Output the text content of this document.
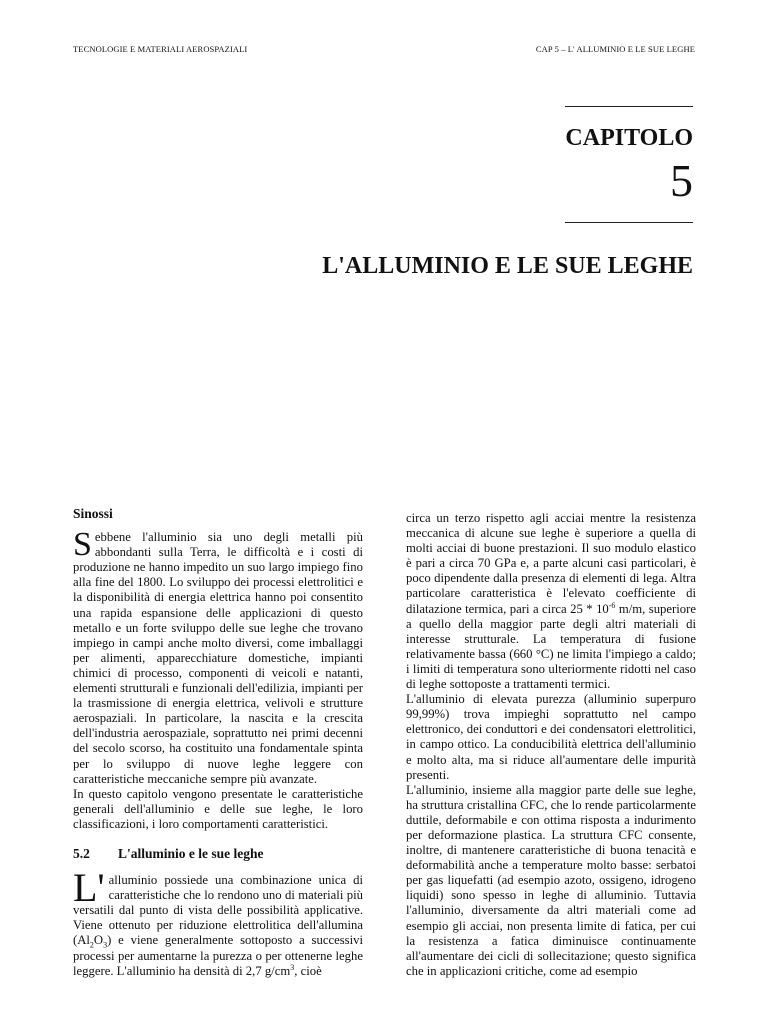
TECNOLOGIE E MATERIALI AEROSPAZIALI	CAP 5 – L' ALLUMINIO E LE SUE LEGHE
CAPITOLO
5
L'ALLUMINIO E LE SUE LEGHE
Sinossi

Sebbene l'alluminio sia uno degli metalli più abbondanti sulla Terra, le difficoltà e i costi di produzione ne hanno impedito un suo largo impiego fino alla fine del 1800. Lo sviluppo dei processi elettrolitici e la disponibilità di energia elettrica hanno poi consentito una rapida espansione delle applicazioni di questo metallo e un forte sviluppo delle sue leghe che trovano impiego in campi anche molto diversi, come imballaggi per alimenti, apparecchiature domestiche, impianti chimici di processo, componenti di veicoli e natanti, elementi strutturali e funzionali dell'edilizia, impianti per la trasmissione di energia elettrica, velivoli e strutture aerospaziali. In particolare, la nascita e la crescita dell'industria aerospaziale, soprattutto nei primi decenni del secolo scorso, ha costituito una fondamentale spinta per lo sviluppo di nuove leghe leggere con caratteristiche meccaniche sempre più avanzate.

In questo capitolo vengono presentate le caratteristiche generali dell'alluminio e delle sue leghe, le loro classificazioni, i loro comportamenti caratteristici.

5.2	L'alluminio e le sue leghe

L' alluminio possiede una combinazione unica di caratteristiche che lo rendono uno di materiali più versatili dal punto di vista delle possibilità applicative. Viene ottenuto per riduzione elettrolitica dell'allumina $(Al_2O_3)$ e viene generalmente sottoposto a successivi processi per aumentarne la purezza o per ottenerne leghe leggere. L'alluminio ha densità di 2,7 $g/cm^3$, cioè

circa un terzo rispetto agli acciai mentre la resistenza meccanica di alcune sue leghe è superiore a quella di molti acciai di buone prestazioni. Il suo modulo elastico è pari a circa 70 GPa e, a parte alcuni casi particolari, è poco dipendente dalla presenza di elementi di lega. Altra particolare caratteristica è l'elevato coefficiente di dilatazione termica, pari a circa $25 * 10^{-6}$ m/m, superiore a quello della maggior parte degli altri materiali di interesse strutturale. La temperatura di fusione relativamente bassa (660 °C) ne limita l'impiego a caldo; i limiti di temperatura sono ulteriormente ridotti nel caso di leghe sottoposte a trattamenti termici.

L'alluminio di elevata purezza (alluminio superpuro 99,99%) trova impieghi soprattutto nel campo elettronico, dei conduttori e dei condensatori elettrolitici, in campo ottico. La conducibilità elettrica dell'alluminio e molto alta, ma si riduce all'aumentare delle impurità presenti.

L'alluminio, insieme alla maggior parte delle sue leghe, ha struttura cristallina CFC, che lo rende particolarmente duttile, deformabile e con ottima risposta a indurimento per deformazione plastica. La struttura CFC consente, inoltre, di mantenere caratteristiche di buona tenacità e deformabilità anche a temperature molto basse: serbatoi per gas liquefatti (ad esempio azoto, ossigeno, idrogeno liquidi) sono spesso in leghe di alluminio. Tuttavia l'alluminio, diversamente da altri materiali come ad esempio gli acciai, non presenta limite di fatica, per cui la resistenza a fatica diminuisce continuamente all'aumentare dei cicli di sollecitazione; questo significa che in applicazioni critiche, come ad esempio
